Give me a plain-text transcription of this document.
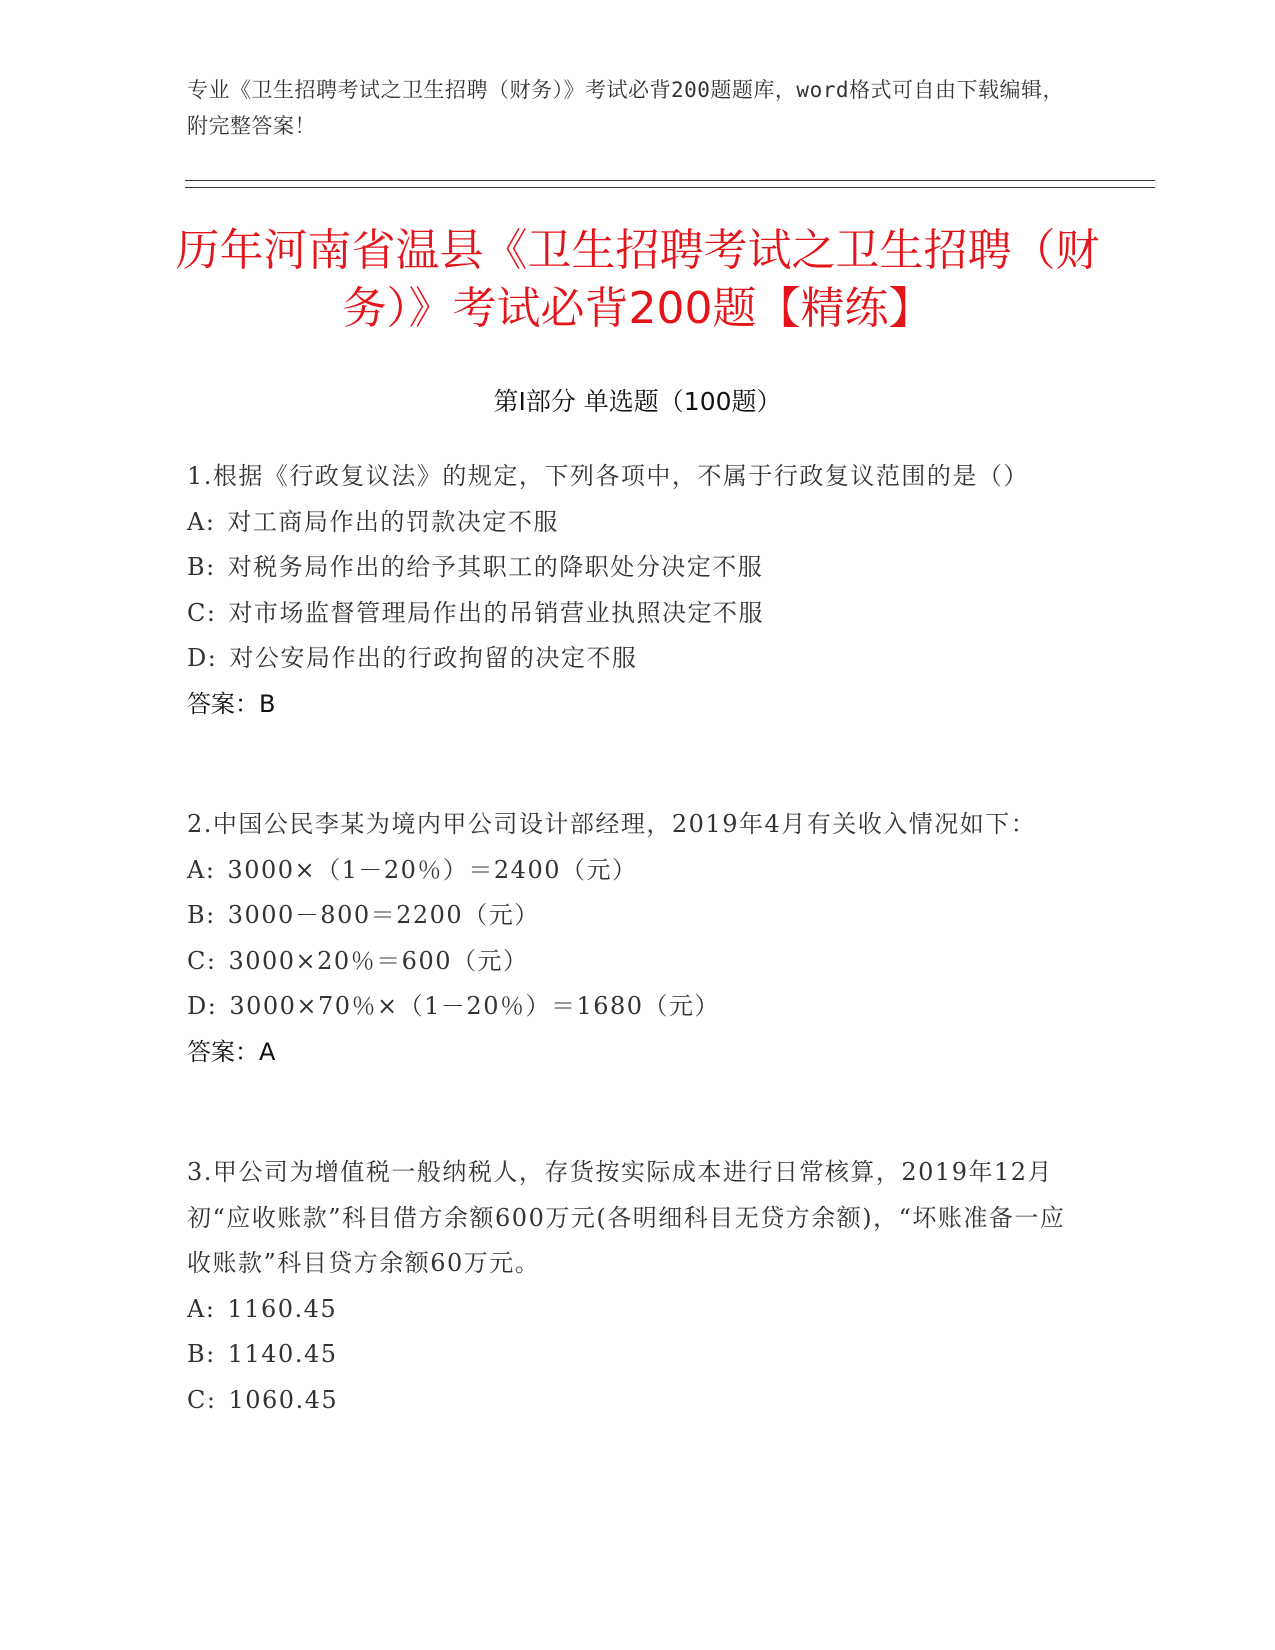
专业《卫生招聘考试之卫生招聘（财务）》考试必背200题题库，word格式可自由下载编辑，附完整答案！
历年河南省温县《卫生招聘考试之卫生招聘（财务）》考试必背200题【精练】
第I部分 单选题（100题）

1.根据《行政复议法》的规定，下列各项中，不属于行政复议范围的是（）

A: 对工商局作出的罚款决定不服
B: 对税务局作出的给予其职工的降职处分决定不服
C: 对市场监督管理局作出的吊销营业执照决定不服
D: 对公安局作出的行政拘留的决定不服

答案：B

2.中国公民李某为境内甲公司设计部经理，2019年4月有关收入情况如下：

A: 3000×（1－20％）＝2400（元）
B: 3000－800＝2200（元）
C: 3000×20％＝600（元）
D: 3000×70％×（1－20％）＝1680（元）

答案：A

3.甲公司为增值税一般纳税人，存货按实际成本进行日常核算，2019年12月初“应收账款”科目借方余额600万元(各明细科目无贷方余额)，“坏账准备一应收账款”科目贷方余额60万元。

A: 1160.45
B: 1140.45
C: 1060.45
